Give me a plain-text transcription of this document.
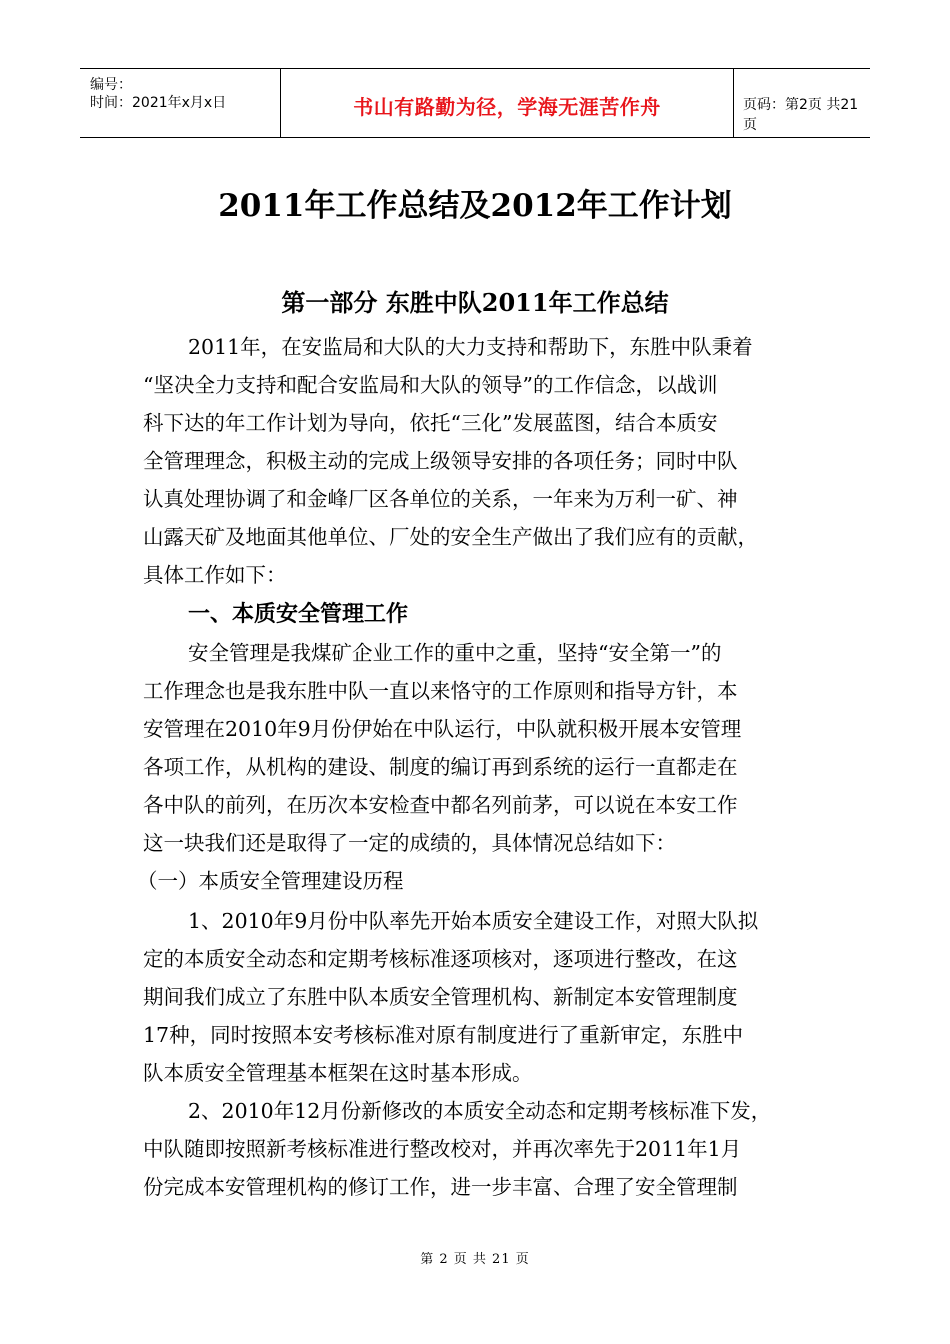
编号：
时间：2021年x月x日	书山有路勤为径，学海无涯苦作舟	页码：第2页 共21页
2011年工作总结及2012年工作计划
第一部分 东胜中队2011年工作总结
2011年，在安监局和大队的大力支持和帮助下，东胜中队秉着
“坚决全力支持和配合安监局和大队的领导”的工作信念，以战训
科下达的年工作计划为导向，依托“三化”发展蓝图，结合本质安
全管理理念，积极主动的完成上级领导安排的各项任务；同时中队
认真处理协调了和金峰厂区各单位的关系，一年来为万利一矿、神
山露天矿及地面其他单位、厂处的安全生产做出了我们应有的贡献，
具体工作如下：
一、本质安全管理工作
安全管理是我煤矿企业工作的重中之重，坚持“安全第一”的
工作理念也是我东胜中队一直以来恪守的工作原则和指导方针，本
安管理在2010年9月份伊始在中队运行，中队就积极开展本安管理
各项工作，从机构的建设、制度的编订再到系统的运行一直都走在
各中队的前列，在历次本安检查中都名列前茅，可以说在本安工作
这一块我们还是取得了一定的成绩的，具体情况总结如下：
（一）本质安全管理建设历程
1、2010年9月份中队率先开始本质安全建设工作，对照大队拟
定的本质安全动态和定期考核标准逐项核对，逐项进行整改，在这
期间我们成立了东胜中队本质安全管理机构、新制定本安管理制度
17种，同时按照本安考核标准对原有制度进行了重新审定，东胜中
队本质安全管理基本框架在这时基本形成。
2、2010年12月份新修改的本质安全动态和定期考核标准下发，
中队随即按照新考核标准进行整改校对，并再次率先于2011年1月
份完成本安管理机构的修订工作，进一步丰富、合理了安全管理制
第 2 页 共 21 页
